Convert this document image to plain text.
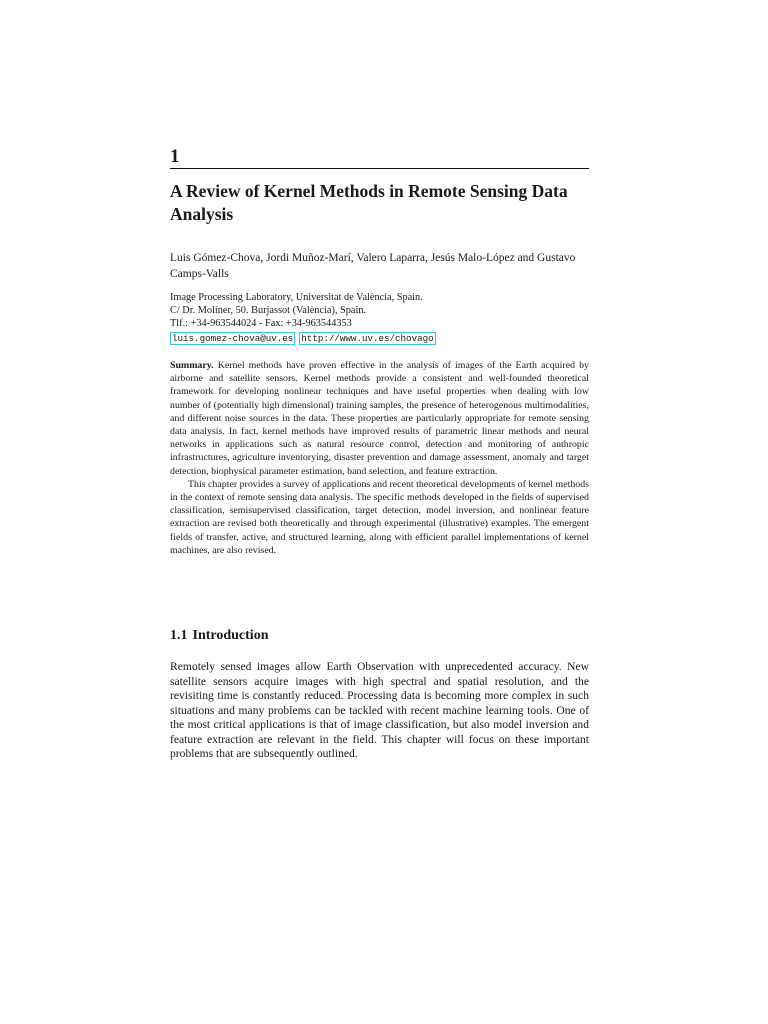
1
A Review of Kernel Methods in Remote Sensing Data Analysis
Luis Gómez-Chova, Jordi Muñoz-Marí, Valero Laparra, Jesús Malo-López and Gustavo Camps-Valls
Image Processing Laboratory, Universitat de València, Spain.
C/ Dr. Moliner, 50. Burjassot (València), Spain.
Tlf.: +34-963544024 - Fax: +34-963544353
luis.gomez-chova@uv.es http://www.uv.es/chovago

Summary. Kernel methods have proven effective in the analysis of images of the Earth acquired by airborne and satellite sensors. Kernel methods provide a consistent and well-founded theoretical framework for developing nonlinear techniques and have useful properties when dealing with low number of (potentially high dimensional) training samples, the presence of heterogenous multimodalities, and different noise sources in the data. These properties are particularly appropriate for remote sensing data analysis. In fact, kernel methods have improved results of parametric linear methods and neural networks in applications such as natural resource control, detection and monitoring of anthropic infrastructures, agriculture inventorying, disaster prevention and damage assessment, anomaly and target detection, biophysical parameter estimation, band selection, and feature extraction.

This chapter provides a survey of applications and recent theoretical developments of kernel methods in the context of remote sensing data analysis. The specific methods developed in the fields of supervised classification, semisupervised classification, target detection, model inversion, and nonlinear feature extraction are revised both theoretically and through experimental (illustrative) examples. The emergent fields of transfer, active, and structured learning, along with efficient parallel implementations of kernel machines, are also revised.

1.1 Introduction

Remotely sensed images allow Earth Observation with unprecedented accuracy. New satellite sensors acquire images with high spectral and spatial resolution, and the revisiting time is constantly reduced. Processing data is becoming more complex in such situations and many problems can be tackled with recent machine learning tools. One of the most critical applications is that of image classification, but also model inversion and feature extraction are relevant in the field. This chapter will focus on these important problems that are subsequently outlined.
